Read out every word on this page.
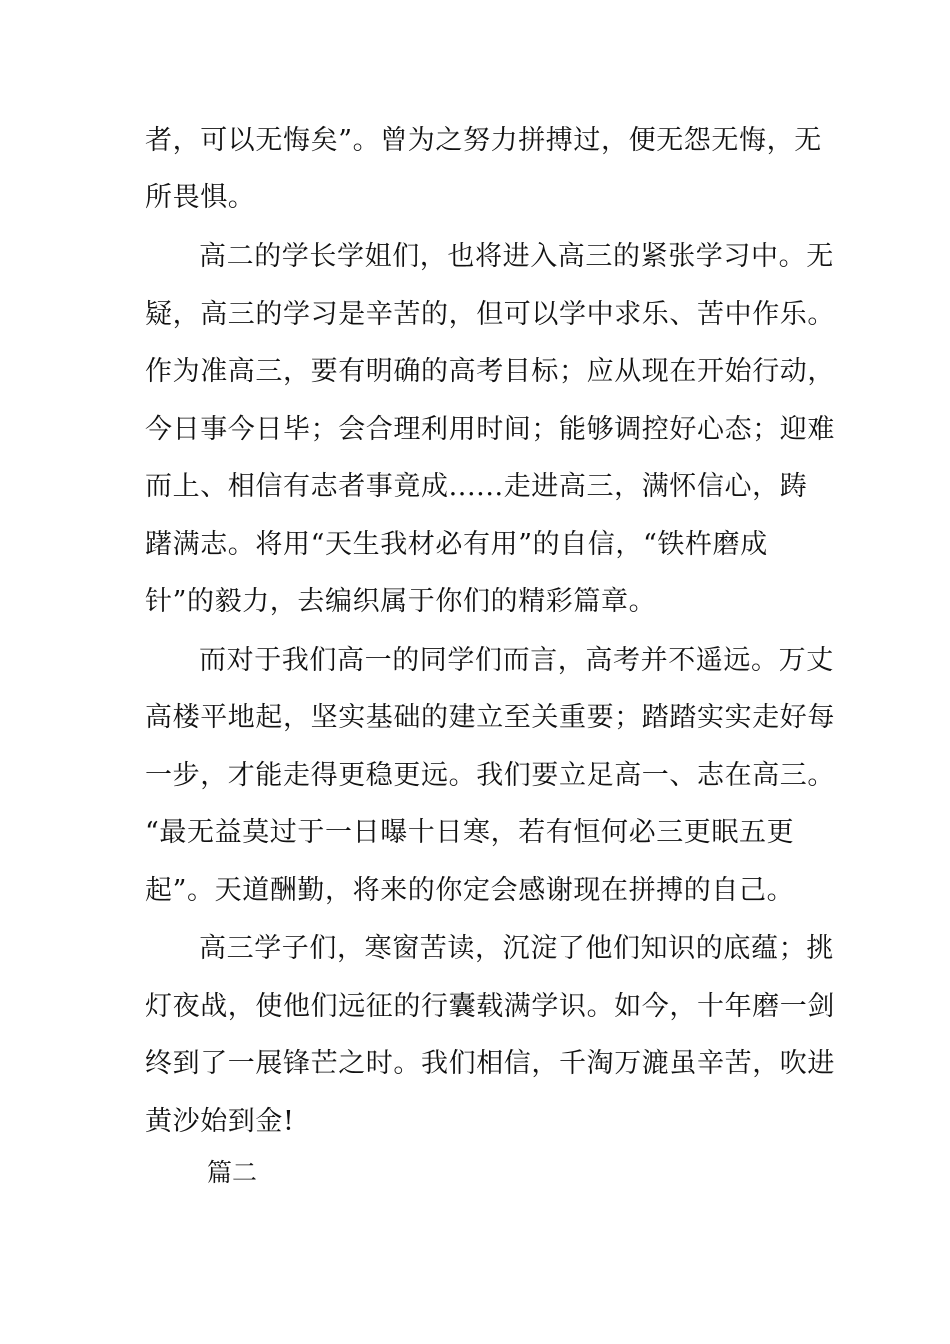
者，可以无悔矣”。曾为之努力拼搏过，便无怨无悔，无
所畏惧。
高二的学长学姐们，也将进入高三的紧张学习中。无
疑，高三的学习是辛苦的，但可以学中求乐、苦中作乐。
作为准高三，要有明确的高考目标；应从现在开始行动，
今日事今日毕；会合理利用时间；能够调控好心态；迎难
而上、相信有志者事竟成......走进高三，满怀信心，踌
躇满志。将用“天生我材必有用”的自信，“铁杵磨成
针”的毅力，去编织属于你们的精彩篇章。
而对于我们高一的同学们而言，高考并不遥远。万丈
高楼平地起，坚实基础的建立至关重要；踏踏实实走好每
一步，才能走得更稳更远。我们要立足高一、志在高三。
“最无益莫过于一日曝十日寒，若有恒何必三更眠五更
起”。天道酬勤，将来的你定会感谢现在拼搏的自己。
高三学子们，寒窗苦读，沉淀了他们知识的底蕴；挑
灯夜战，使他们远征的行囊载满学识。如今，十年磨一剑
终到了一展锋芒之时。我们相信，千淘万漉虽辛苦，吹进
黄沙始到金!
篇二
